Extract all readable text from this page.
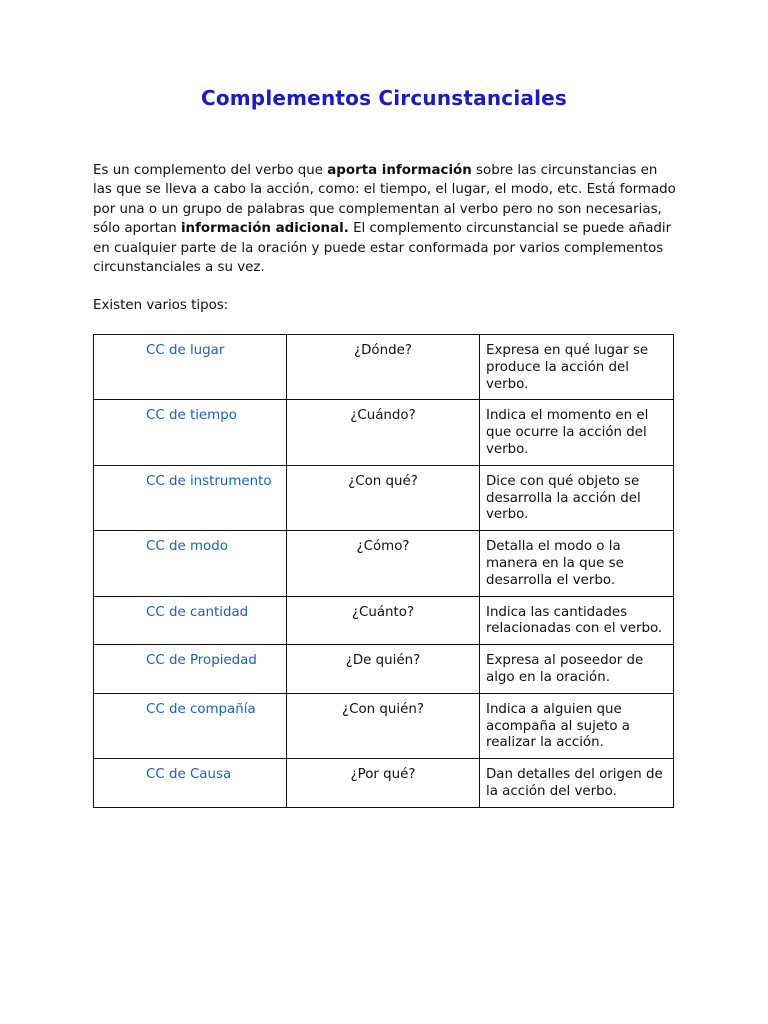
Complementos Circunstanciales
Es un complemento del verbo que aporta información sobre las circunstancias en las que se lleva a cabo la acción, como: el tiempo, el lugar, el modo, etc. Está formado por una o un grupo de palabras que complementan al verbo pero no son necesarias, sólo aportan información adicional. El complemento circunstancial se puede añadir en cualquier parte de la oración y puede estar conformada por varios complementos circunstanciales a su vez.
Existen varios tipos:
CC de lugar	¿Dónde?	Expresa en qué lugar se produce la acción del verbo.
CC de tiempo	¿Cuándo?	Indica el momento en el que ocurre la acción del verbo.
CC de instrumento	¿Con qué?	Dice con qué objeto se desarrolla la acción del verbo.
CC de modo	¿Cómo?	Detalla el modo o la manera en la que se desarrolla el verbo.
CC de cantidad	¿Cuánto?	Indica las cantidades relacionadas con el verbo.
CC de Propiedad	¿De quién?	Expresa al poseedor de algo en la oración.
CC de compañía	¿Con quién?	Indica a alguien que acompaña al sujeto a realizar la acción.
CC de Causa	¿Por qué?	Dan detalles del origen de la acción del verbo.
